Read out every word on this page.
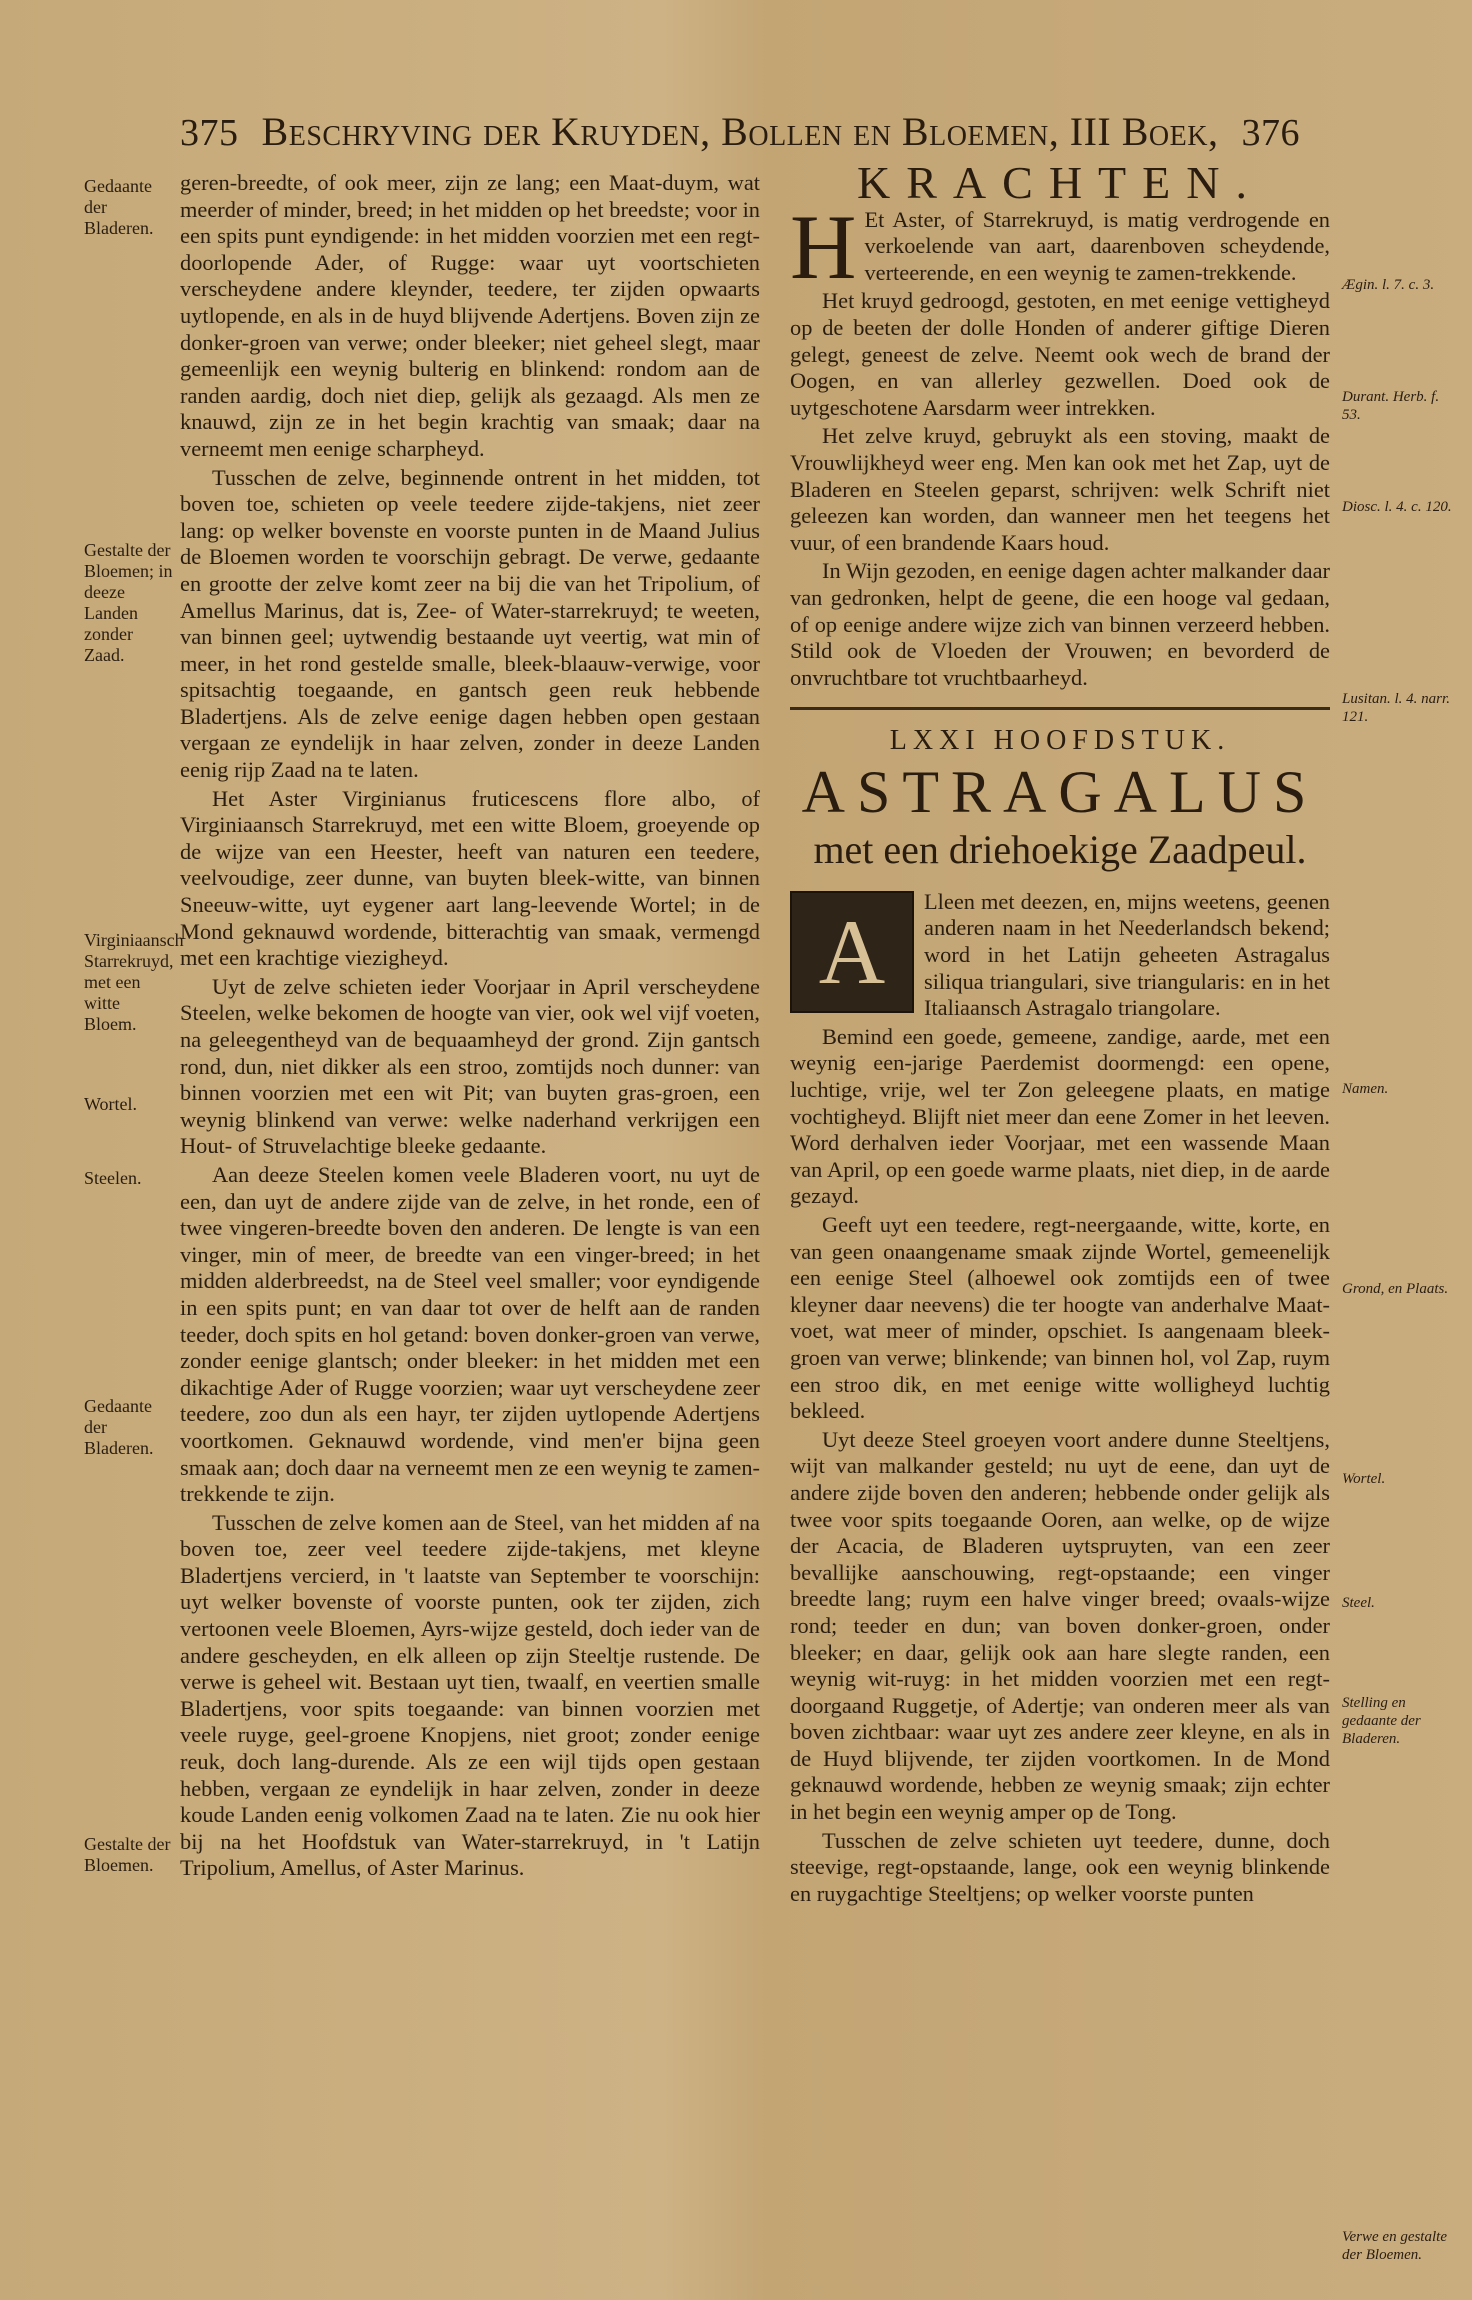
375 Beschryving der Kruyden, Bollen en Bloemen, III Boek, 376
Gedaante der Bladeren.
Gestalte der Bloemen; in deeze Landen zonder Zaad.
Virginiaansch Starrekruyd, met een witte Bloem.
Wortel.
Steelen.
Gedaante der Bladeren.
Gestalte der Bloemen.

geren-breedte, of ook meer, zijn ze lang; een Maat-duym, wat meerder of minder, breed; in het midden op het breedste; voor in een spits punt eyndigende: in het midden voorzien met een regt-doorlopende Ader, of Rugge: waar uyt voortschieten verscheydene andere kleynder, teedere, ter zijden opwaarts uytlopende, en als in de huyd blijvende Adertjens. Boven zijn ze donker-groen van verwe; onder bleeker; niet geheel slegt, maar gemeenlijk een weynig bulterig en blinkend: rondom aan de randen aardig, doch niet diep, gelijk als gezaagd. Als men ze knauwd, zijn ze in het begin krachtig van smaak; daar na verneemt men eenige scharpheyd.

Tusschen de zelve, beginnende ontrent in het midden, tot boven toe, schieten op veele teedere zijde-takjens, niet zeer lang: op welker bovenste en voorste punten in de Maand Julius de Bloemen worden te voorschijn gebragt. De verwe, gedaante en grootte der zelve komt zeer na bij die van het Tripolium, of Amellus Marinus, dat is, Zee- of Water-starrekruyd; te weeten, van binnen geel; uytwendig bestaande uyt veertig, wat min of meer, in het rond gestelde smalle, bleek-blaauw-verwige, voor spitsachtig toegaande, en gantsch geen reuk hebbende Bladertjens. Als de zelve eenige dagen hebben open gestaan vergaan ze eyndelijk in haar zelven, zonder in deeze Landen eenig rijp Zaad na te laten.

Het Aster Virginianus fruticescens flore albo, of Virginiaansch Starrekruyd, met een witte Bloem, groeyende op de wijze van een Heester, heeft van naturen een teedere, veelvoudige, zeer dunne, van buyten bleek-witte, van binnen Sneeuw-witte, uyt eygener aart lang-leevende Wortel; in de Mond geknauwd wordende, bitterachtig van smaak, vermengd met een krachtige viezigheyd.

Uyt de zelve schieten ieder Voorjaar in April verscheydene Steelen, welke bekomen de hoogte van vier, ook wel vijf voeten, na geleegentheyd van de bequaamheyd der grond. Zijn gantsch rond, dun, niet dikker als een stroo, zomtijds noch dunner: van binnen voorzien met een wit Pit; van buyten gras-groen, een weynig blinkend van verwe: welke naderhand verkrijgen een Hout- of Struvelachtige bleeke gedaante.

Aan deeze Steelen komen veele Bladeren voort, nu uyt de een, dan uyt de andere zijde van de zelve, in het ronde, een of twee vingeren-breedte boven den anderen. De lengte is van een vinger, min of meer, de breedte van een vinger-breed; in het midden alderbreedst, na de Steel veel smaller; voor eyndigende in een spits punt; en van daar tot over de helft aan de randen teeder, doch spits en hol getand: boven donker-groen van verwe, zonder eenige glantsch; onder bleeker: in het midden met een dikachtige Ader of Rugge voorzien; waar uyt verscheydene zeer teedere, zoo dun als een hayr, ter zijden uytlopende Adertjens voortkomen. Geknauwd wordende, vind men'er bijna geen smaak aan; doch daar na verneemt men ze een weynig te zamen-trekkende te zijn.

Tusschen de zelve komen aan de Steel, van het midden af na boven toe, zeer veel teedere zijde-takjens, met kleyne Bladertjens vercierd, in 't laatste van September te voorschijn: uyt welker bovenste of voorste punten, ook ter zijden, zich vertoonen veele Bloemen, Ayrs-wijze gesteld, doch ieder van de andere gescheyden, en elk alleen op zijn Steeltje rustende. De verwe is geheel wit. Bestaan uyt tien, twaalf, en veertien smalle Bladertjens, voor spits toegaande: van binnen voorzien met veele ruyge, geel-groene Knopjens, niet groot; zonder eenige reuk, doch lang-durende. Als ze een wijl tijds open gestaan hebben, vergaan ze eyndelijk in haar zelven, zonder in deeze koude Landen eenig volkomen Zaad na te laten. Zie nu ook hier bij na het Hoofdstuk van Water-starrekruyd, in 't Latijn Tripolium, Amellus, of Aster Marinus.

Ægin. l. 7. c. 3.
Durant. Herb. f. 53.
Diosc. l. 4. c. 120.
Lusitan. l. 4. narr. 121.
Namen.
Grond, en Plaats.
Wortel.
Steel.
Stelling en gedaante der Bladeren.
Verwe en gestalte der Bloemen.
KRACHTEN.
H Et Aster, of Starrekruyd, is matig verdrogende en verkoelende van aart, daarenboven scheydende, verteerende, en een weynig te zamen-trekkende.

Het kruyd gedroogd, gestoten, en met eenige vettigheyd op de beeten der dolle Honden of anderer giftige Dieren gelegt, geneest de zelve. Neemt ook wech de brand der Oogen, en van allerley gezwellen. Doed ook de uytgeschotene Aarsdarm weer intrekken.

Het zelve kruyd, gebruykt als een stoving, maakt de Vrouwlijkheyd weer eng. Men kan ook met het Zap, uyt de Bladeren en Steelen geparst, schrijven: welk Schrift niet geleezen kan worden, dan wanneer men het teegens het vuur, of een brandende Kaars houd.

In Wijn gezoden, en eenige dagen achter malkander daar van gedronken, helpt de geene, die een hooge val gedaan, of op eenige andere wijze zich van binnen verzeerd hebben. Stild ook de Vloeden der Vrouwen; en bevorderd de onvruchtbare tot vruchtbaarheyd.

LXXI HOOFDSTUK.
ASTRAGALUS
met een driehoekige Zaadpeul.
A	Lleen met deezen, en, mijns weetens, geenen anderen naam in het Neederlandsch bekend; word in het Latijn geheeten Astragalus siliqua triangulari, sive triangularis: en in het Italiaansch Astragalo triangolare.

Bemind een goede, gemeene, zandige, aarde, met een weynig een-jarige Paerdemist doormengd: een opene, luchtige, vrije, wel ter Zon geleegene plaats, en matige vochtigheyd. Blijft niet meer dan eene Zomer in het leeven. Word derhalven ieder Voorjaar, met een wassende Maan van April, op een goede warme plaats, niet diep, in de aarde gezayd.

Geeft uyt een teedere, regt-neergaande, witte, korte, en van geen onaangename smaak zijnde Wortel, gemeenelijk een eenige Steel (alhoewel ook zomtijds een of twee kleyner daar neevens) die ter hoogte van anderhalve Maat-voet, wat meer of minder, opschiet. Is aangenaam bleek-groen van verwe; blinkende; van binnen hol, vol Zap, ruym een stroo dik, en met eenige witte wolligheyd luchtig bekleed.

Uyt deeze Steel groeyen voort andere dunne Steeltjens, wijt van malkander gesteld; nu uyt de eene, dan uyt de andere zijde boven den anderen; hebbende onder gelijk als twee voor spits toegaande Ooren, aan welke, op de wijze der Acacia, de Bladeren uytspruyten, van een zeer bevallijke aanschouwing, regt-opstaande; een vinger breedte lang; ruym een halve vinger breed; ovaals-wijze rond; teeder en dun; van boven donker-groen, onder bleeker; en daar, gelijk ook aan hare slegte randen, een weynig wit-ruyg: in het midden voorzien met een regt-doorgaand Ruggetje, of Adertje; van onderen meer als van boven zichtbaar: waar uyt zes andere zeer kleyne, en als in de Huyd blijvende, ter zijden voortkomen. In de Mond geknauwd wordende, hebben ze weynig smaak; zijn echter in het begin een weynig amper op de Tong.

Tusschen de zelve schieten uyt teedere, dunne, doch steevige, regt-opstaande, lange, ook een weynig blinkende en ruygachtige Steeltjens; op welker voorste punten
